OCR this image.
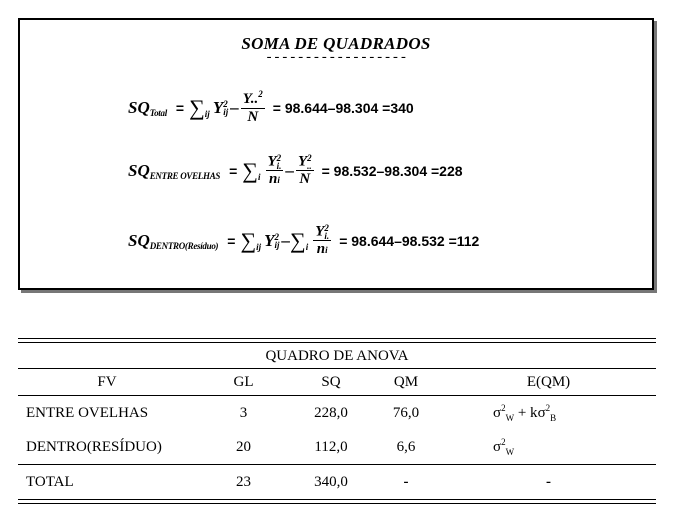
SOMA DE QUADRADOS
------------------
SQ Total = ∑ ij Y 2
ij – $\frac{Y..^2}{N} = 98.644-98.304 =340$
SQ ENTRE OVELHAS = ∑ i Y 2
i.
ni – Y 2
..
N = 98.532–98.304 =228
SQ DENTRO(Resíduo) = ∑ ij Y 2
ij – ∑ i Y 2
i.
ni = 98.644–98.532 =112
QUADRO DE ANOVA
FV	GL	SQ	QM	E(QM)
ENTRE OVELHAS	3	228,0	76,0	$\sigma^2_W + k\sigma^2_B$
DENTRO(RESÍDUO)	20	112,0	6,6	$\sigma^2_W$
TOTAL	23	340,0	-	-
